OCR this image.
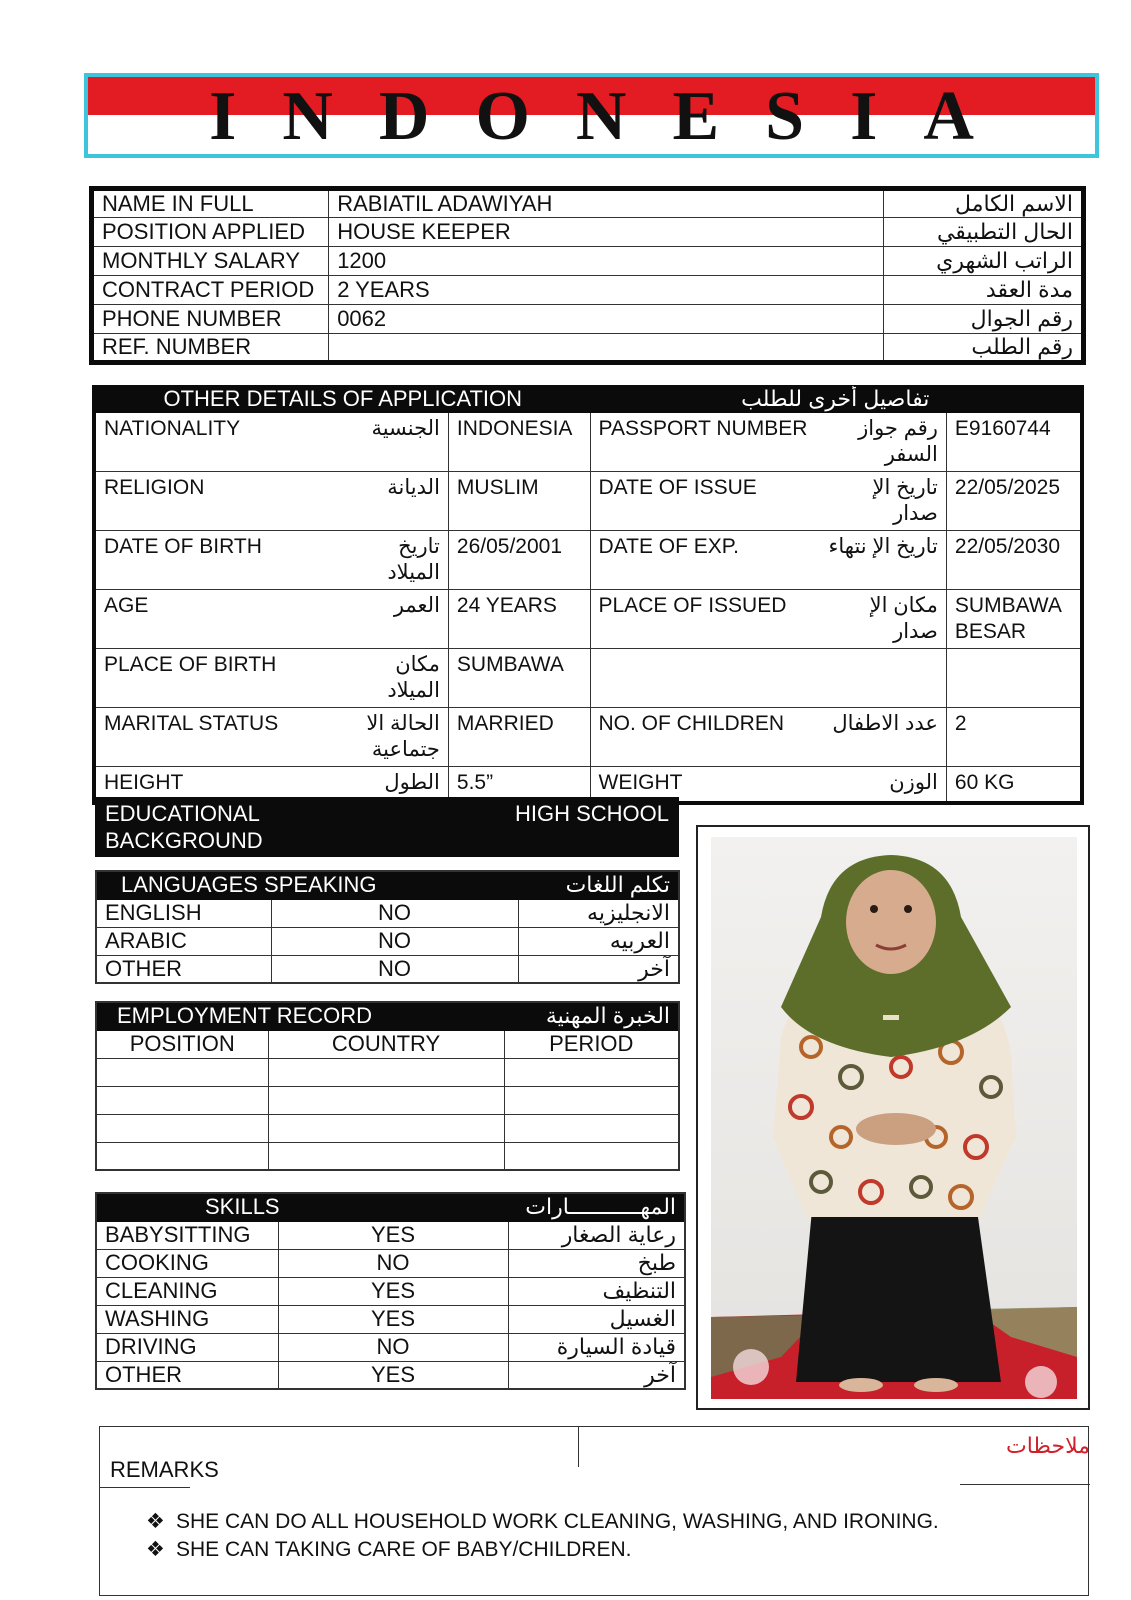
INDONESIA
NAME IN FULL	RABIATIL ADAWIYAH	الاسم الكامل
POSITION APPLIED	HOUSE KEEPER	الحال التطبيقي
MONTHLY SALARY	1200	الراتب الشهري
CONTRACT PERIOD	2 YEARS	مدة العقد
PHONE NUMBER	0062	رقم الجوال
REF. NUMBER		رقم الطلب
OTHER DETAILS OF APPLICATION			تفاصيل أخرى للطلب		
NATIONALITY	الجنسية	INDONESIA	PASSPORT NUMBER	رقم جواز السفر	E9160744
RELIGION	الديانة	MUSLIM	DATE OF ISSUE	تاريخ الإ صدار	22/05/2025
DATE OF BIRTH	تاريخ الميلاد	26/05/2001	DATE OF EXP.	تاريخ الإ نتهاء	22/05/2030
AGE	العمر	24 YEARS	PLACE OF ISSUED	مكان الإ صدار	SUMBAWA BESAR
PLACE OF BIRTH	مكان الميلاد	SUMBAWA			
MARITAL STATUS	الحالة الا جتماعية	MARRIED	NO. OF CHILDREN	عدد الاطفال	2
HEIGHT	الطول	5.5”	WEIGHT	الوزن	60 KG
EDUCATIONAL BACKGROUND	HIGH SCHOOL
LANGUAGES SPEAKING		تكلم اللغات
ENGLISH	NO	الانجليزيه
ARABIC	NO	العربيه
OTHER	NO	آخر
EMPLOYMENT RECORD		الخبرة المهنية
POSITION	COUNTRY	PERIOD

SKILLS		المهـــــــــــارات
BABYSITTING	YES	رعاية الصغار
COOKING	NO	طبخ
CLEANING	YES	التنظيف
WASHING	YES	الغسيل
DRIVING	NO	قيادة السيارة
OTHER	YES	آخر
REMARKS
ملاحظات
❖ SHE CAN DO ALL HOUSEHOLD WORK CLEANING, WASHING, AND IRONING.
❖ SHE CAN TAKING CARE OF BABY/CHILDREN.
